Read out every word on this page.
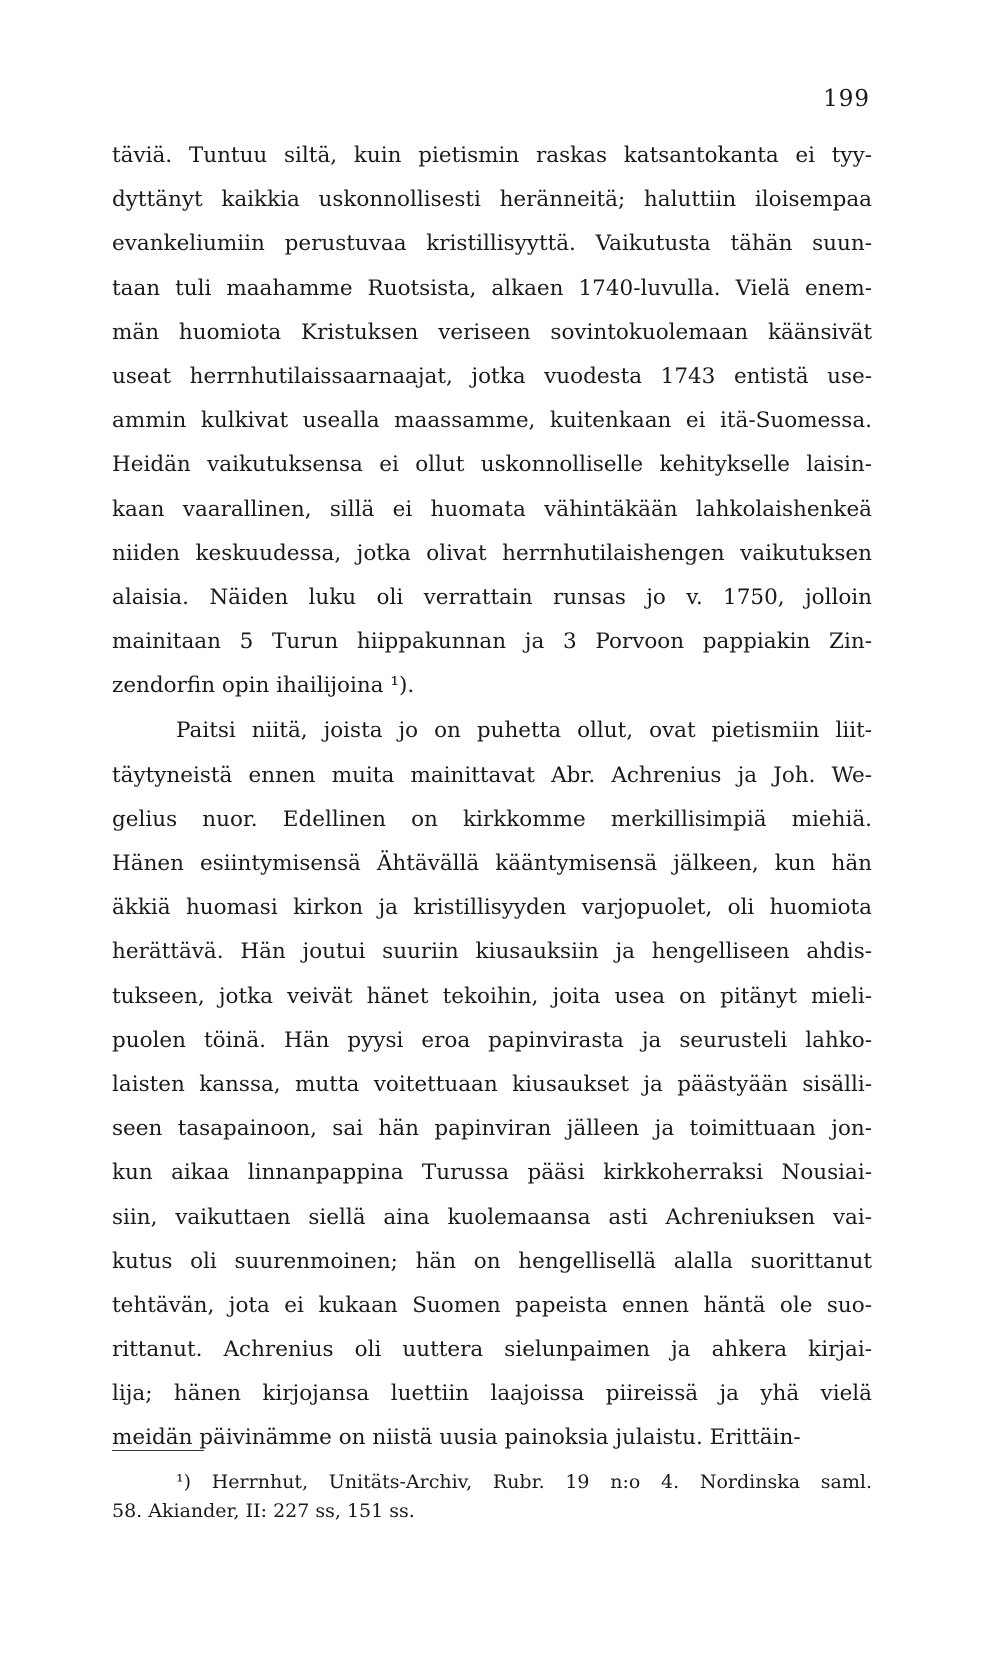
199
täviä. Tuntuu siltä, kuin pietismin raskas katsantokanta ei tyy-
dyttänyt kaikkia uskonnollisesti heränneitä; haluttiin iloisempaa
evankeliumiin perustuvaa kristillisyyttä. Vaikutusta tähän suun-
taan tuli maahamme Ruotsista, alkaen 1740-luvulla. Vielä enem-
män huomiota Kristuksen veriseen sovintokuolemaan käänsivät
useat herrnhutilaissaarnaajat, jotka vuodesta 1743 entistä use-
ammin kulkivat usealla maassamme, kuitenkaan ei itä-Suomessa.
Heidän vaikutuksensa ei ollut uskonnolliselle kehitykselle laisin-
kaan vaarallinen, sillä ei huomata vähintäkään lahkolaishenkeä
niiden keskuudessa, jotka olivat herrnhutilaishengen vaikutuksen
alaisia. Näiden luku oli verrattain runsas jo v. 1750, jolloin
mainitaan 5 Turun hiippakunnan ja 3 Porvoon pappiakin Zin-
zendorfin opin ihailijoina ¹).
Paitsi niitä, joista jo on puhetta ollut, ovat pietismiin liit-
täytyneistä ennen muita mainittavat Abr. Achrenius ja Joh. We-
gelius nuor. Edellinen on kirkkomme merkillisimpiä miehiä.
Hänen esiintymisensä Ähtävällä kääntymisensä jälkeen, kun hän
äkkiä huomasi kirkon ja kristillisyyden varjopuolet, oli huomiota
herättävä. Hän joutui suuriin kiusauksiin ja hengelliseen ahdis-
tukseen, jotka veivät hänet tekoihin, joita usea on pitänyt mieli-
puolen töinä. Hän pyysi eroa papinvirasta ja seurusteli lahko-
laisten kanssa, mutta voitettuaan kiusaukset ja päästyään sisälli-
seen tasapainoon, sai hän papinviran jälleen ja toimittuaan jon-
kun aikaa linnanpappina Turussa pääsi kirkkoherraksi Nousiai-
siin, vaikuttaen siellä aina kuolemaansa asti Achreniuksen vai-
kutus oli suurenmoinen; hän on hengellisellä alalla suorittanut
tehtävän, jota ei kukaan Suomen papeista ennen häntä ole suo-
rittanut. Achrenius oli uuttera sielunpaimen ja ahkera kirjai-
lija; hänen kirjojansa luettiin laajoissa piireissä ja yhä vielä
meidän päivinämme on niistä uusia painoksia julaistu. Erittäin-
¹) Herrnhut, Unitäts-Archiv, Rubr. 19 n:o 4. Nordinska saml.
58. Akiander, II: 227 ss, 151 ss.
